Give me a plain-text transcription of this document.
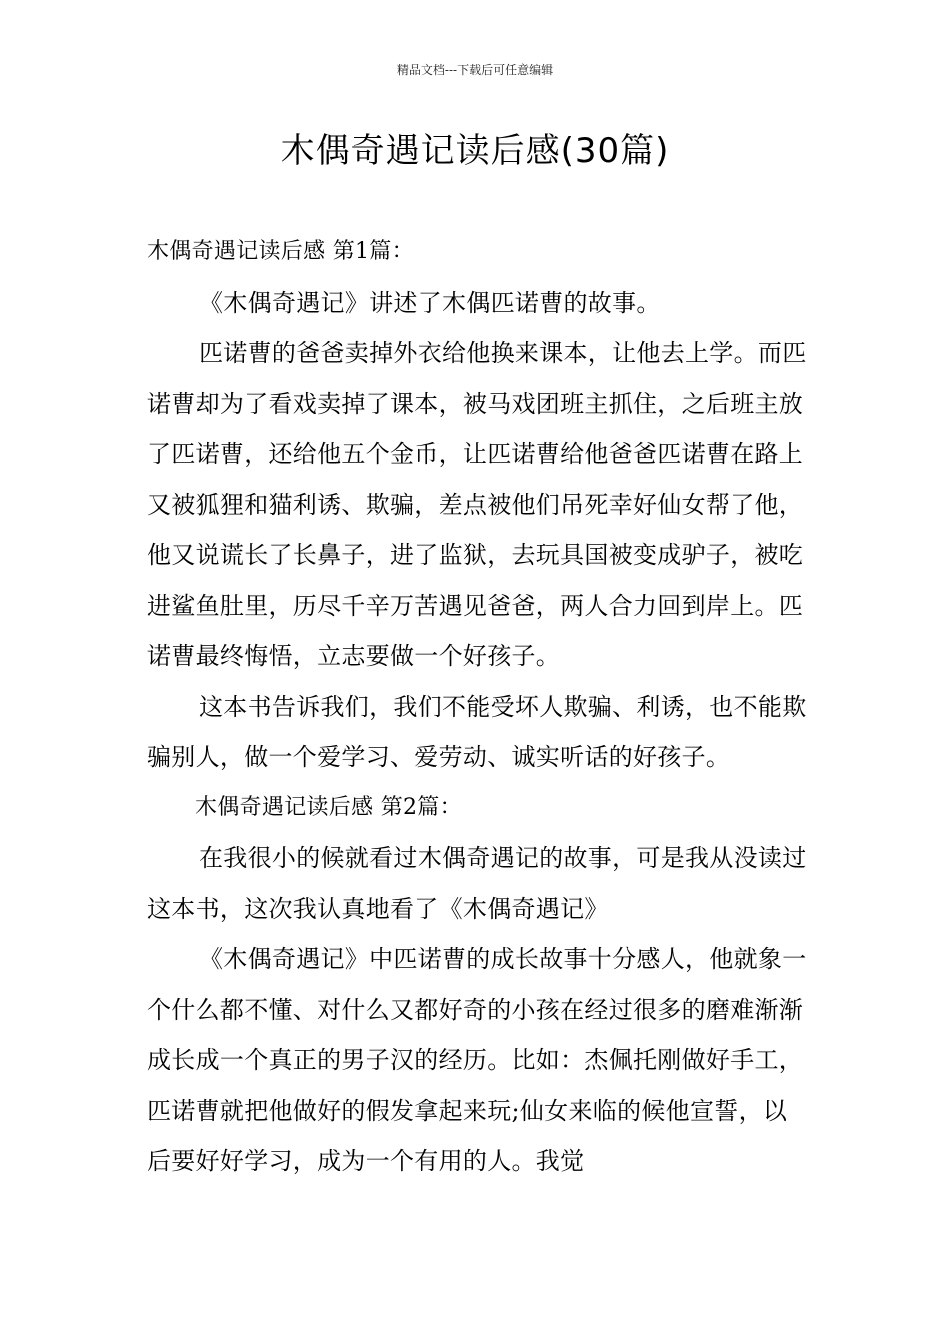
精品文档---下载后可任意编辑
木偶奇遇记读后感(30篇)

木偶奇遇记读后感 第1篇：

《木偶奇遇记》讲述了木偶匹诺曹的故事。

匹诺曹的爸爸卖掉外衣给他换来课本，让他去上学。而匹诺曹却为了看戏卖掉了课本，被马戏团班主抓住，之后班主放了匹诺曹，还给他五个金币，让匹诺曹给他爸爸匹诺曹在路上又被狐狸和猫利诱、欺骗，差点被他们吊死幸好仙女帮了他，他又说谎长了长鼻子，进了监狱，去玩具国被变成驴子，被吃进鲨鱼肚里，历尽千辛万苦遇见爸爸，两人合力回到岸上。匹诺曹最终悔悟，立志要做一个好孩子。

这本书告诉我们，我们不能受坏人欺骗、利诱，也不能欺骗别人，做一个爱学习、爱劳动、诚实听话的好孩子。

木偶奇遇记读后感 第2篇：

在我很小的候就看过木偶奇遇记的故事，可是我从没读过这本书，这次我认真地看了《木偶奇遇记》

《木偶奇遇记》中匹诺曹的成长故事十分感人，他就象一个什么都不懂、对什么又都好奇的小孩在经过很多的磨难渐渐成长成一个真正的男子汉的经历。比如：杰佩托刚做好手工，匹诺曹就把他做好的假发拿起来玩;仙女来临的候他宣誓，以后要好好学习，成为一个有用的人。我觉
